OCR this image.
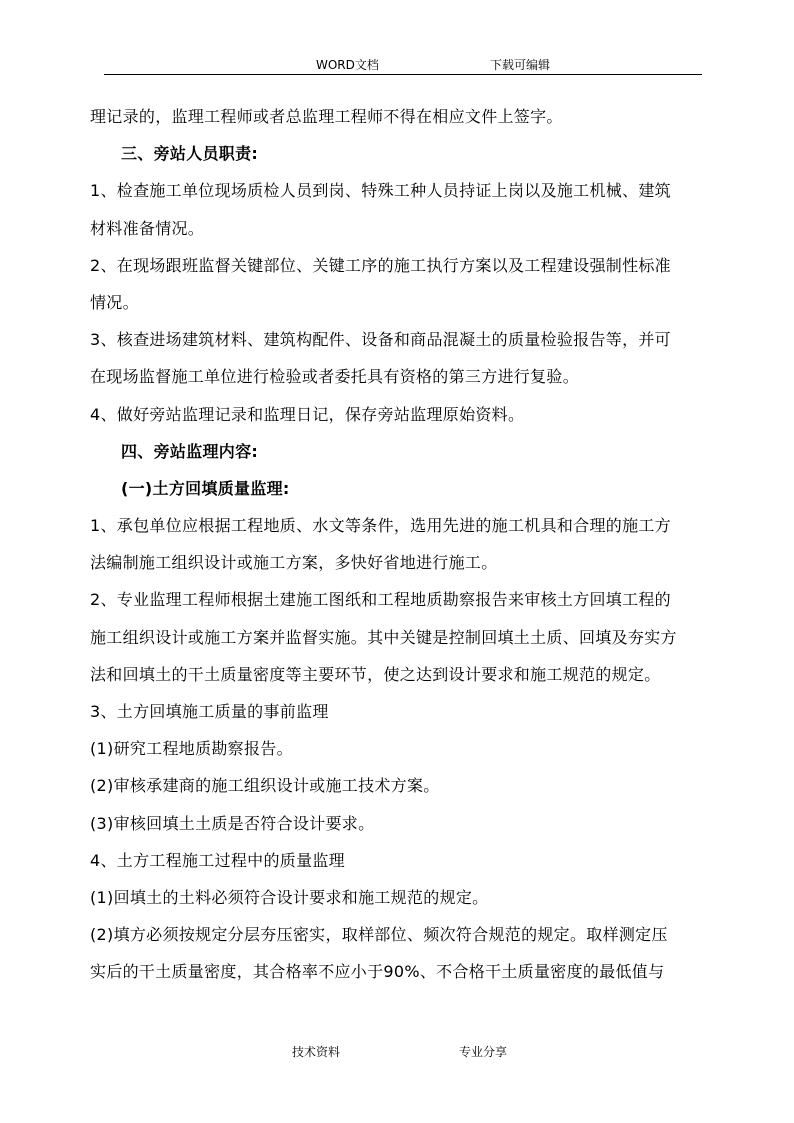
WORD文档	下载可编辑
理记录的，监理工程师或者总监理工程师不得在相应文件上签字。
三、旁站人员职责:
1、检查施工单位现场质检人员到岗、特殊工种人员持证上岗以及施工机械、建筑
材料准备情况。
2、在现场跟班监督关键部位、关键工序的施工执行方案以及工程建设强制性标准
情况。
3、核查进场建筑材料、建筑构配件、设备和商品混凝土的质量检验报告等，并可
在现场监督施工单位进行检验或者委托具有资格的第三方进行复验。
4、做好旁站监理记录和监理日记，保存旁站监理原始资料。
四、旁站监理内容:
(一)土方回填质量监理:
1、承包单位应根据工程地质、水文等条件，选用先进的施工机具和合理的施工方
法编制施工组织设计或施工方案，多快好省地进行施工。
2、专业监理工程师根据土建施工图纸和工程地质勘察报告来审核土方回填工程的
施工组织设计或施工方案并监督实施。其中关键是控制回填土土质、回填及夯实方
法和回填土的干土质量密度等主要环节，使之达到设计要求和施工规范的规定。
3、土方回填施工质量的事前监理
(1)研究工程地质勘察报告。
(2)审核承建商的施工组织设计或施工技术方案。
(3)审核回填土土质是否符合设计要求。
4、土方工程施工过程中的质量监理
(1)回填土的土料必须符合设计要求和施工规范的规定。
(2)填方必须按规定分层夯压密实，取样部位、频次符合规范的规定。取样测定压
实后的干土质量密度，其合格率不应小于90%、不合格干土质量密度的最低值与
技术资料	专业分享
